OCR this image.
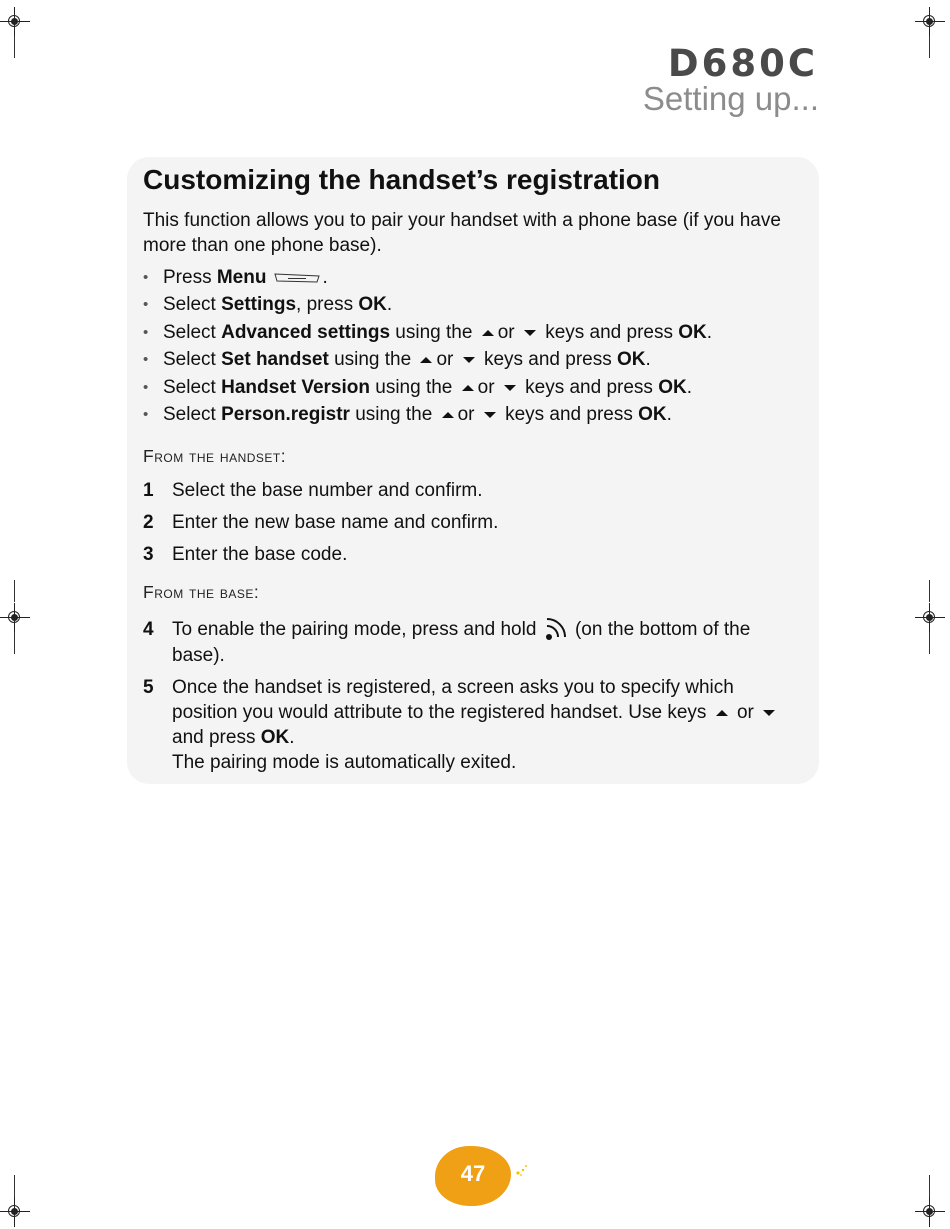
D680C
Setting up...
Customizing the handset’s registration

This function allows you to pair your handset with a phone base (if you have more than one phone base).

• Press Menu	.
• Select Settings, press OK.
• Select Advanced settings using the or keys and press OK.
• Select Set handset using the or keys and press OK.
• Select Handset Version using the or keys and press OK.
• Select Person.registr using the or keys and press OK.

From the handset:

1 Select the base number and confirm.
2 Enter the new base name and confirm.
3 Enter the base code.

From the base:

4 To enable the pairing mode, press and hold (on the bottom of the base).
5 Once the handset is registered, a screen asks you to specify which position you would attribute to the registered handset. Use keys or  and press OK.
The pairing mode is automatically exited.
47
